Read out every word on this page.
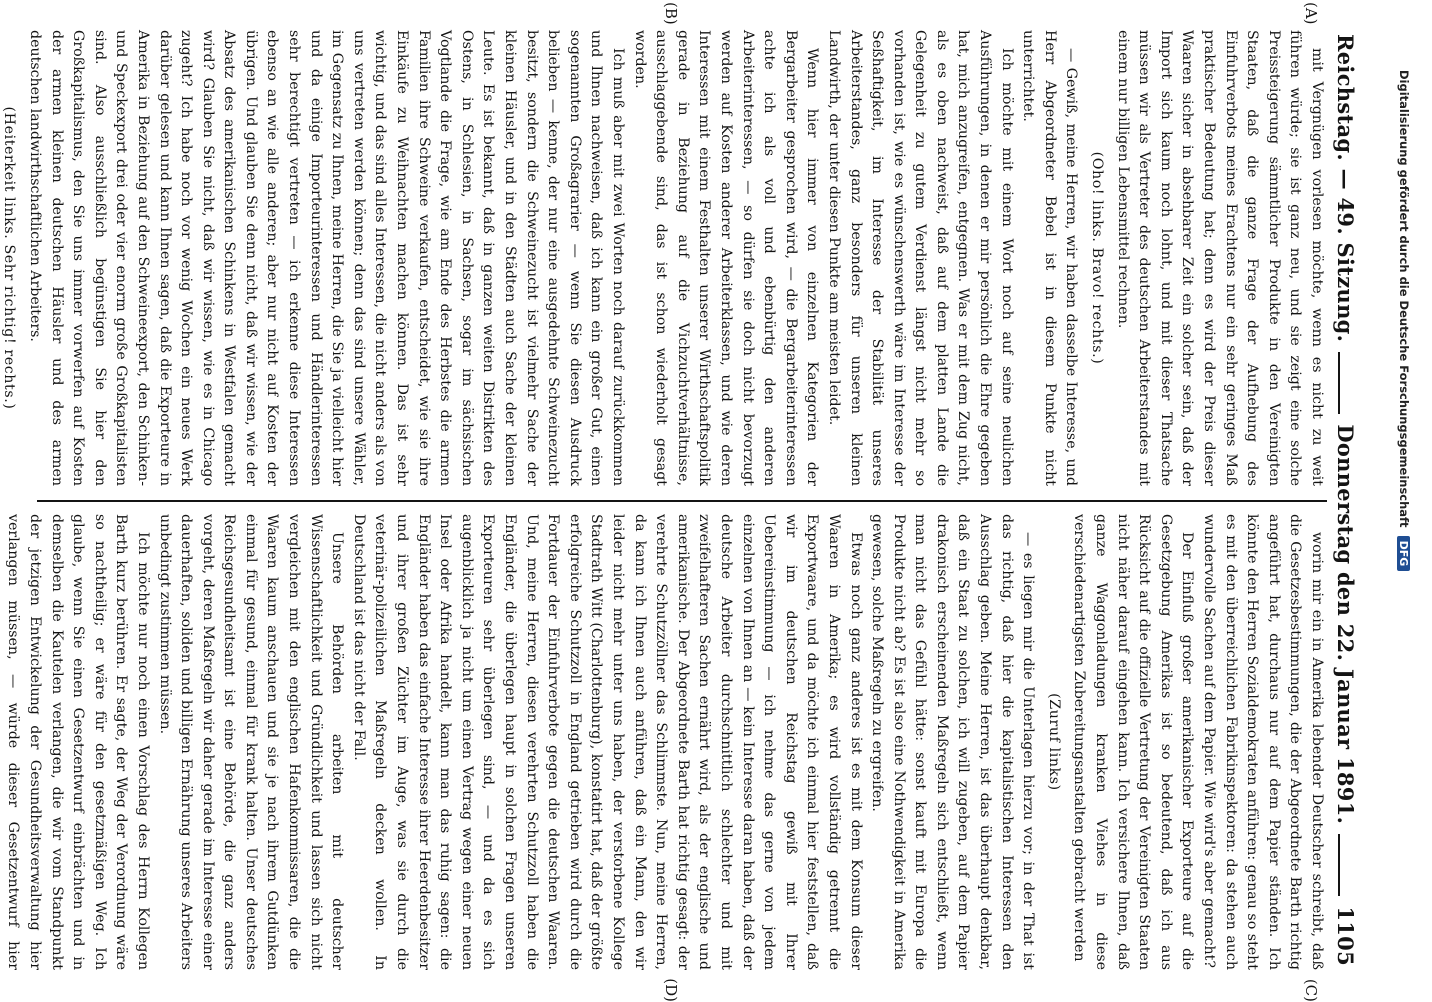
Reichstag. — 49. Sitzung.
Donnerstag den 22. Januar 1891.
1105

mit Vergnügen vorlesen möchte, wenn es nicht zu weit führen würde; sie ist ganz neu, und sie zeigt eine solche Preissteigerung sämmtlicher Produkte in den Vereinigten Staaten, daß die ganze Frage der Aufhebung des Einfuhrverbots meines Erachtens nur ein sehr geringes Maß praktischer Bedeutung hat; denn es wird der Preis dieser Waaren sicher in absehbarer Zeit ein solcher sein, daß der Import sich kaum noch lohnt, und mit dieser Thatsache müssen wir als Vertreter des deutschen Arbeiterstandes mit einem nur billigen Lebensmittel rechnen.

(Oho! links. Bravo! rechts.)

— Gewiß, meine Herren, wir haben dasselbe Interesse, und Herr Abgeordneter Bebel ist in diesem Punkte nicht unterrichtet.

Ich möchte mit einem Wort noch auf seine neulichen Ausführungen, in denen er mir persönlich die Ehre gegeben hat, mich anzugreifen, entgegnen. Was er mit dem Zug nicht, als es oben nachweist, daß auf dem platten Lande die Gelegenheit zu gutem Verdienst längst nicht mehr so vorhanden ist, wie es wünschenswerth wäre im Interesse der Seßhaftigkeit, im Interesse der Stabilität unseres Arbeiterstandes, ganz besonders für unseren kleinen Landwirth, der unter diesen Punkte am meisten leidet.

Wenn hier immer von einzelnen Kategorien der Bergarbeiter gesprochen wird, — die Bergarbeiterinteressen achte ich als voll und ebenbürtig den anderen Arbeiterinteressen, — so dürfen sie doch nicht bevorzugt werden auf Kosten anderer Arbeiterklassen, und wie deren Interessen mit einem Festhalten unserer Wirthschaftspolitik gerade in Beziehung auf die Vichzuchtverhältnisse, ausschlaggebende sind, das ist schon wiederholt gesagt worden.

Ich muß aber mit zwei Worten noch darauf zurückkommen und Ihnen nachweisen, daß ich kann ein großer Gut, einen sogenannten Großagrarier — wenn Sie diesen Ausdruck belieben — kenne, der nur eine ausgedehnte Schweinezucht besitzt, sondern die Schweinezucht ist vielmehr Sache der kleinen Häusler, und in den Städten auch Sache der kleinen Leute. Es ist bekannt, daß in ganzen weiten Distrikten des Ostens, in Schlesien, in Sachsen, sogar im sächsischen Vogtlande die Frage, wie am Ende des Herbstes die armen Familien ihre Schweine verkaufen, entscheidet, wie sie ihre Einkäufe zu Weihnachten machen können. Das ist sehr wichtig, und das sind alles Interessen, die nicht anders als von uns vertreten werden können; denn das sind unsere Wähler, im Gegensatz zu Ihnen, meine Herren, die Sie ja vielleicht hier und da einige Importeurinteressen und Händlerinteressen sehr berechtigt vertreten — ich erkenne diese Interessen ebenso an wie alle anderen; aber nur nicht auf Kosten der übrigen. Und glauben Sie denn nicht, daß wir wissen, wie der Absatz des amerikanischen Schinkens in Westfalen gemacht wird? Glauben Sie nicht, daß wir wissen, wie es in Chicago zugeht? Ich habe noch vor wenig Wochen ein neues Werk darüber gelesen und kann Ihnen sagen, daß die Exporteure in Amerika in Beziehung auf den Schweineexport, den Schinken- und Speckexport drei oder vier enorm große Großkapitalisten sind. Also ausschließlich begünstigen Sie hier den Großkapitalismus, den Sie uns immer vorwerfen auf Kosten der armen kleinen deutschen Häusler und des armen deutschen landwirthschaftlichen Arbeiters.

(Heiterkeit links. Sehr richtig! rechts.)

worin mir ein in Amerika lebender Deutscher schreibt, daß die Gesetzesbestimmungen, die der Abgeordnete Barth richtig angeführt hat, durchaus nur auf dem Papier ständen. Ich könnte den Herren Sozialdemokraten anführen: genau so steht es mit den überreichlichen Fabrikinspektoren: da stehen auch wundervolle Sachen auf dem Papier. Wie wird's aber gemacht?

Der Einfluß großer amerikanischer Exporteure auf die Gesetzgebung Amerikas ist so bedeutend, daß ich aus Rücksicht auf die offizielle Vertretung der Vereinigten Staaten nicht näher darauf eingehen kann. Ich versichere Ihnen, daß ganze Waggonladungen kranken Viehes in diese verschiedenartigsten Zubereitungsanstalten gebracht werden

(Zuruf links)

— es liegen mir die Unterlagen hierzu vor; in der That ist das richtig, daß hier die kapitalistischen Interessen den Ausschlag geben. Meine Herren, ist das überhaupt denkbar, daß ein Staat zu solchen, ich will zugeben, auf dem Papier drakonisch erscheinenden Maßregeln sich entschließt, wenn man nicht das Gefühl hätte: sonst kauft mit Europa die Produkte nicht ab? Es ist also eine Nothwendigkeit in Amerika gewesen, solche Maßregeln zu ergreifen.

Etwas noch ganz anderes ist es mit dem Konsum dieser Waaren in Amerika; es wird vollständig getrennt die Exportwaare, und da möchte ich einmal hier feststellen, daß wir im deutschen Reichstag gewiß mit Ihrer Uebereinstimmung — ich nehme das gerne von jedem einzelnen von Ihnen an — kein Interesse daran haben, daß der deutsche Arbeiter durchschnittlich schlechter und mit zweifelhafteren Sachen ernährt wird, als der englische und amerikanische. Der Abgeordnete Barth hat richtig gesagt: der verehrte Schutzzöllner das Schlimmste. Nun, meine Herren, da kann ich Ihnen auch anführen, daß ein Mann, den wir leider nicht mehr unter uns haben, der verstorbene Kollege Stadtrath Witt (Charlottenburg), konstatirt hat, daß der größte erfolgreiche Schutzzoll in England getrieben wird durch die Fortdauer der Einfuhrverbote gegen die deutschen Waaren. Und, meine Herren, diesen verehrten Schutzzoll haben die Engländer, die überlegen haupt in solchen Fragen unseren Exporteuren sehr überlegen sind, — und da es sich augenblicklich ja nicht um einen Vertrag wegen einer neuen Insel oder Afrika handelt, kann man das ruhig sagen: die Engländer haben das einfache Interesse ihrer Heerdenbesitzer und ihrer großen Züchter im Auge, was sie durch die veterinär-polizeilichen Maßregeln decken wollen. In Deutschland ist das nicht der Fall.

Unsere Behörden arbeiten mit deutscher Wissenschaftlichkeit und Gründlichkeit und lassen sich nicht vergleichen mit den englischen Hafenkommissaren, die die Waaren kaum anschauen und sie je nach ihrem Gutdünken einmal für gesund, einmal für krank halten. Unser deutsches Reichsgesundheitsamt ist eine Behörde, die ganz anders vorgeht, deren Maßregeln wir daher gerade im Interesse einer dauerhaften, soliden und billigen Ernährung unseres Arbeiters unbedingt zustimmen müssen.

Ich möchte nur noch einen Vorschlag des Herrn Kollegen Barth kurz berühren. Er sagte, der Weg der Verordnung wäre so nachtheilig; er wäre für den gesetzmäßigen Weg. Ich glaube, wenn Sie einen Gesetzentwurf einbrächten und in demselben die Kautelen verlangen, die wir vom Standpunkt der jetzigen Entwickelung der Gesundheitsverwaltung hier verlangen müssen, — würde dieser Gesetzentwurf hier

(A)
(B)
(C)
(D)
Digitalisierung gefördert durch die Deutsche Forschungsgemeinschaft
DFG
